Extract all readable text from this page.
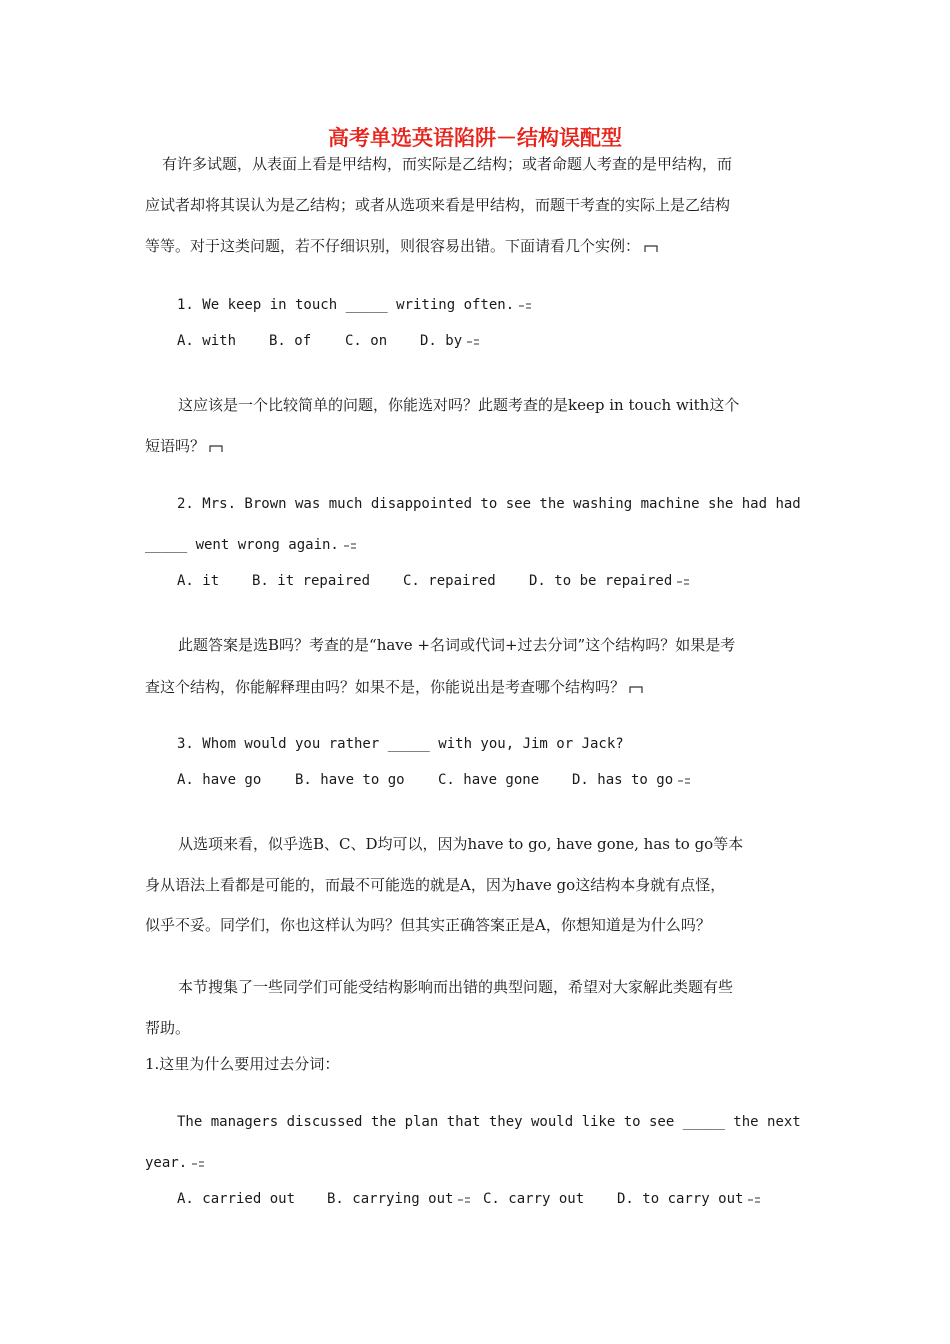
高考单选英语陷阱－结构误配型
有许多试题，从表面上看是甲结构，而实际是乙结构；或者命题人考查的是甲结构，而
应试者却将其误认为是乙结构；或者从选项来看是甲结构，而题干考查的实际上是乙结构
等等。对于这类问题，若不仔细识别，则很容易出错。下面请看几个实例：
1. We keep in touch _____ writing often.
A. with B. of C. on D. by
这应该是一个比较简单的问题，你能选对吗？此题考查的是keep in touch with这个
短语吗？
2. Mrs. Brown was much disappointed to see the washing machine she had had
_____ went wrong again.
A. it B. it repaired C. repaired D. to be repaired
此题答案是选B吗？考查的是“have +名词或代词+过去分词”这个结构吗？如果是考
查这个结构，你能解释理由吗？如果不是，你能说出是考查哪个结构吗？
3. Whom would you rather _____ with you, Jim or Jack?
A. have go B. have to go C. have gone D. has to go
从选项来看，似乎选B、C、D均可以，因为have to go, have gone, has to go等本
身从语法上看都是可能的，而最不可能选的就是A，因为have go这结构本身就有点怪，
似乎不妥。同学们，你也这样认为吗？但其实正确答案正是A，你想知道是为什么吗？
本节搜集了一些同学们可能受结构影响而出错的典型问题，希望对大家解此类题有些
帮助。
1.这里为什么要用过去分词：
The managers discussed the plan that they would like to see _____ the next
year.
A. carried out B. carrying out C. carry out D. to carry out
